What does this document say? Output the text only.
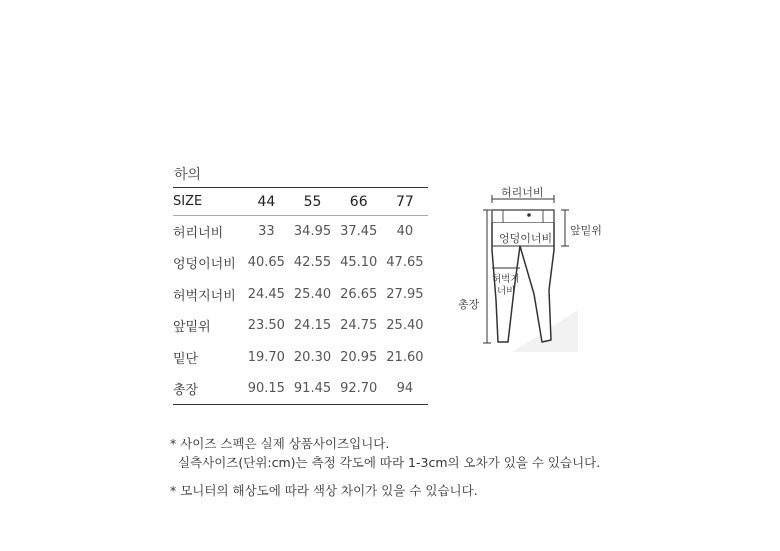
하의
SIZE	44	55	66	77
허리너비	33	34.95	37.45	40
엉덩이너비	40.65	42.55	45.10	47.65
허벅지너비	24.45	25.40	26.65	27.95
앞밑위	23.50	24.15	24.75	25.40
밑단	19.70	20.30	20.95	21.60
총장	90.15	91.45	92.70	94
허리너비
엉덩이너비
앞밑위
허벅지
너비
총장
* 사이즈 스펙은 실제 상품사이즈입니다.
실측사이즈(단위:cm)는 측정 각도에 따라 1-3cm의 오차가 있을 수 있습니다.
* 모니터의 해상도에 따라 색상 차이가 있을 수 있습니다.
